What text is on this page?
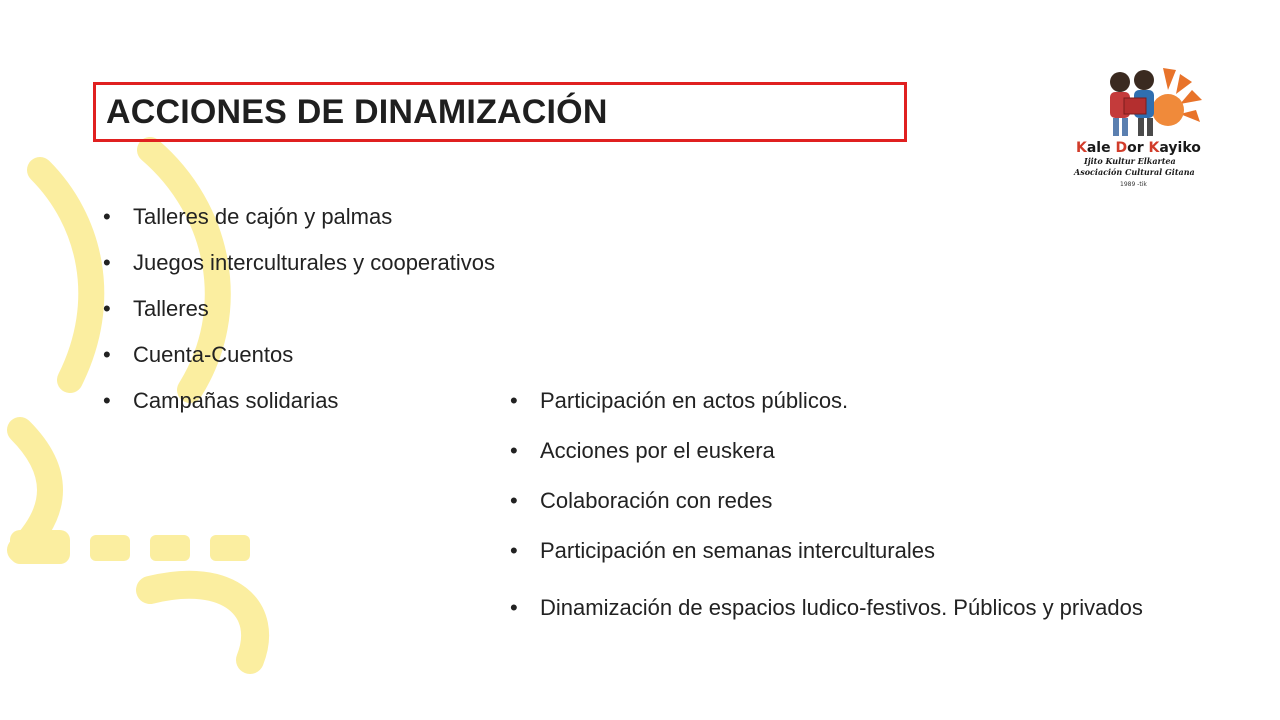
ACCIONES DE DINAMIZACIÓN
Kale Dor Kayiko
Ijito Kultur Elkartea
Asociación Cultural Gitana
1989 -tik
• Talleres de cajón y palmas
• Juegos interculturales y cooperativos
• Talleres
• Cuenta-Cuentos
• Campañas solidarias
•	Participación en actos públicos.
• Acciones por el euskera
• Colaboración con redes
• Participación en semanas interculturales
• Dinamización de espacios ludico-festivos. Públicos y privados
